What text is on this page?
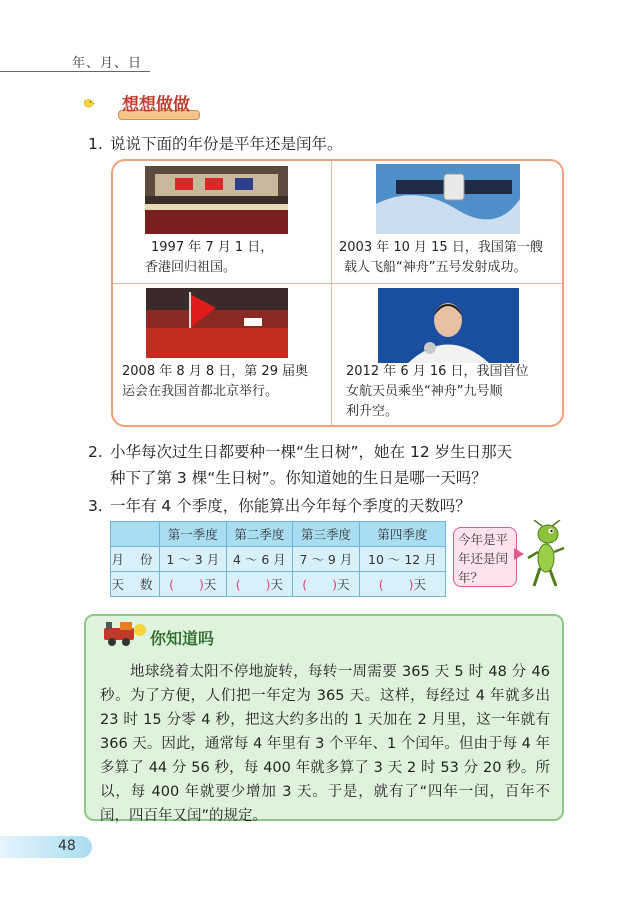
年、月、日
想想做做
1. 说说下面的年份是平年还是闰年。
1997 年 7 月 1 日，
香港回归祖国。
2003 年 10 月 15 日，我国第一艘
载人飞船“神舟”五号发射成功。
2008 年 8 月 8 日，第 29 届奥
运会在我国首都北京举行。
2012 年 6 月 16 日，我国首位
女航天员乘坐“神舟”九号顺
利升空。
2. 小华每次过生日都要种一棵“生日树”，她在 12 岁生日那天
种下了第 3 棵“生日树”。你知道她的生日是哪一天吗？
3. 一年有 4 个季度，你能算出今年每个季度的天数吗？
	第一季度	第二季度	第三季度	第四季度
月 份	1 ～ 3 月	4 ～ 6 月	7 ～ 9 月	10 ～ 12 月
天 数	(　　)天	(　　)天	(　　)天	(　　)天
今年是平
年还是闰
年？
你知道吗
地球绕着太阳不停地旋转，每转一周需要 365 天 5 时 48 分 46 秒。为了方便，人们把一年定为 365 天。这样，每经过 4 年就多出 23 时 15 分零 4 秒，把这大约多出的 1 天加在 2 月里，这一年就有 366 天。因此，通常每 4 年里有 3 个平年、1 个闰年。但由于每 4 年多算了 44 分 56 秒，每 400 年就多算了 3 天 2 时 53 分 20 秒。所以，每 400 年就要少增加 3 天。于是，就有了“四年一闰，百年不闰，四百年又闰”的规定。
48
